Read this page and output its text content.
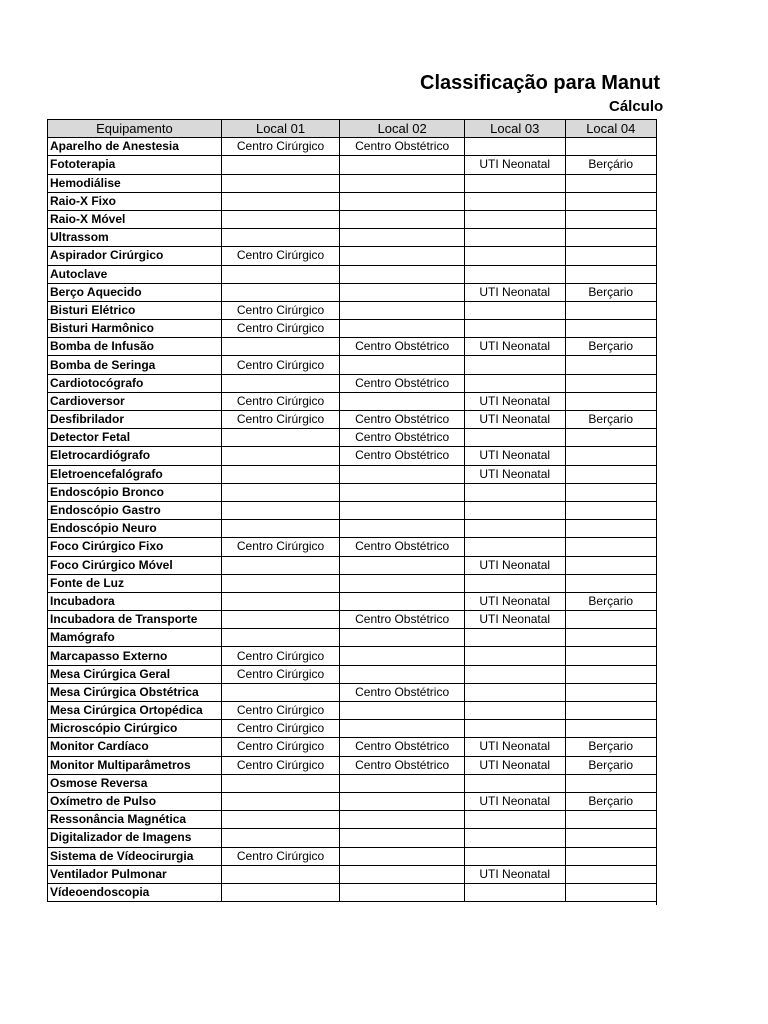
Classificação para Manut
Cálculo
Equipamento	Local 01	Local 02	Local 03	Local 04
Aparelho de Anestesia	Centro Cirúrgico	Centro Obstétrico		
Fototerapia			UTI Neonatal	Berçário
Hemodiálise				
Raio-X Fixo				
Raio-X Móvel				
Ultrassom				
Aspirador Cirúrgico	Centro Cirúrgico			
Autoclave				
Berço Aquecido			UTI Neonatal	Berçario
Bisturi Elétrico	Centro Cirúrgico			
Bisturi Harmônico	Centro Cirúrgico			
Bomba de Infusão		Centro Obstétrico	UTI Neonatal	Berçario
Bomba de Seringa	Centro Cirúrgico			
Cardiotocógrafo		Centro Obstétrico		
Cardioversor	Centro Cirúrgico		UTI Neonatal	
Desfibrilador	Centro Cirúrgico	Centro Obstétrico	UTI Neonatal	Berçario
Detector Fetal		Centro Obstétrico		
Eletrocardiógrafo		Centro Obstétrico	UTI Neonatal	
Eletroencefalógrafo			UTI Neonatal	
Endoscópio Bronco				
Endoscópio Gastro				
Endoscópio Neuro				
Foco Cirúrgico Fixo	Centro Cirúrgico	Centro Obstétrico		
Foco Cirúrgico Móvel			UTI Neonatal	
Fonte de Luz				
Incubadora			UTI Neonatal	Berçario
Incubadora de Transporte		Centro Obstétrico	UTI Neonatal	
Mamógrafo				
Marcapasso Externo	Centro Cirúrgico			
Mesa Cirúrgica Geral	Centro Cirúrgico			
Mesa Cirúrgica Obstétrica		Centro Obstétrico		
Mesa Cirúrgica Ortopédica	Centro Cirúrgico			
Microscópio Cirúrgico	Centro Cirúrgico			
Monitor Cardíaco	Centro Cirúrgico	Centro Obstétrico	UTI Neonatal	Berçario
Monitor Multiparâmetros	Centro Cirúrgico	Centro Obstétrico	UTI Neonatal	Berçario
Osmose Reversa				
Oxímetro de Pulso			UTI Neonatal	Berçario
Ressonância Magnética				
Digitalizador de Imagens				
Sistema de Vídeocirurgia	Centro Cirúrgico			
Ventilador Pulmonar			UTI Neonatal	
Vídeoendoscopia				
